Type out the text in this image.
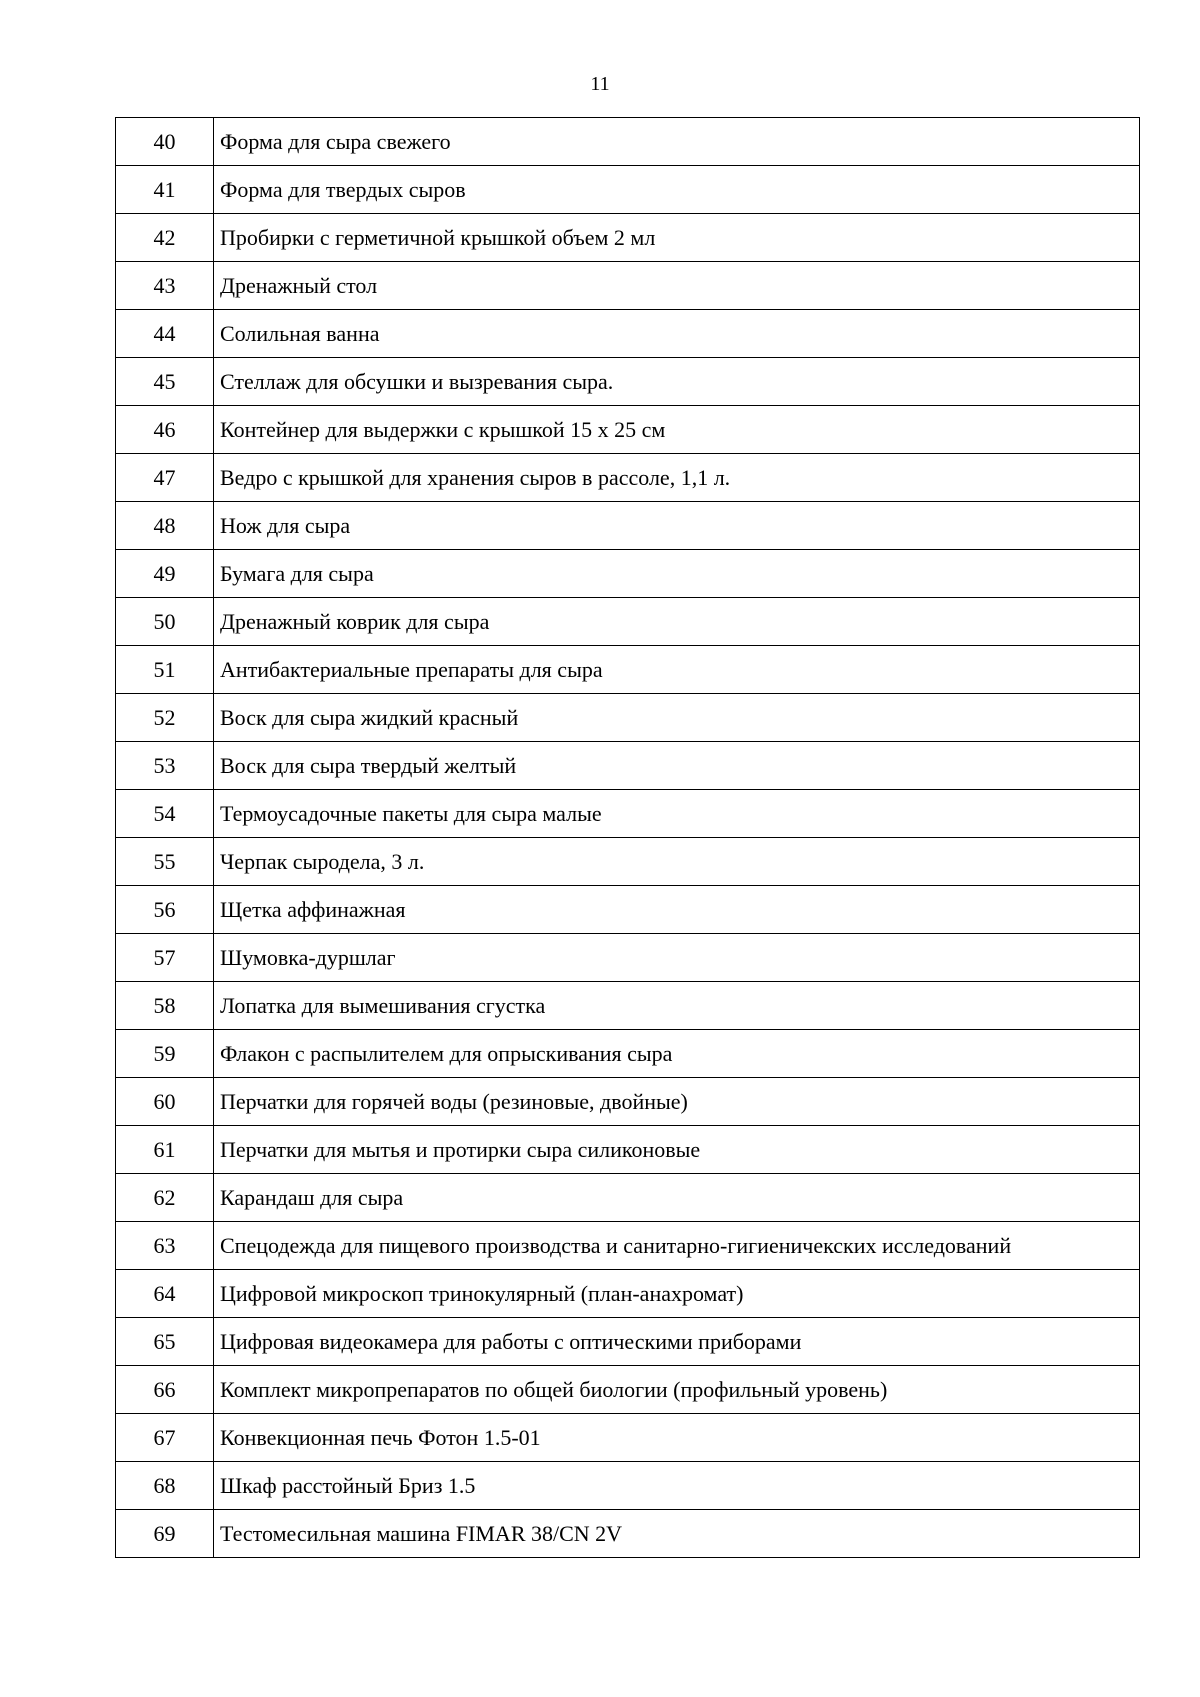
11
40	Форма для сыра свежего
41	Форма для твердых сыров
42	Пробирки с герметичной крышкой объем 2 мл
43	Дренажный стол
44	Солильная ванна
45	Стеллаж для обсушки и вызревания сыра.
46	Контейнер для выдержки с крышкой 15 х 25 см
47	Ведро с крышкой для хранения сыров в рассоле, 1,1 л.
48	Нож для сыра
49	Бумага для сыра
50	Дренажный коврик для сыра
51	Антибактериальные препараты для сыра
52	Воск для сыра жидкий красный
53	Воск для сыра твердый желтый
54	Термоусадочные пакеты для сыра малые
55	Черпак сыродела, 3 л.
56	Щетка аффинажная
57	Шумовка-дуршлаг
58	Лопатка для вымешивания сгустка
59	Флакон с распылителем для опрыскивания сыра
60	Перчатки для горячей воды (резиновые, двойные)
61	Перчатки для мытья и протирки сыра силиконовые
62	Карандаш для сыра
63	Спецодежда для пищевого производства и санитарно-гигиеничекских исследований
64	Цифровой микроскоп тринокулярный (план-анахромат)
65	Цифровая видеокамера для работы с оптическими приборами
66	Комплект микропрепаратов по общей биологии (профильный уровень)
67	Конвекционная печь Фотон 1.5-01
68	Шкаф расстойный Бриз 1.5
69	Тестомесильная машина FIMAR 38/CN 2V
